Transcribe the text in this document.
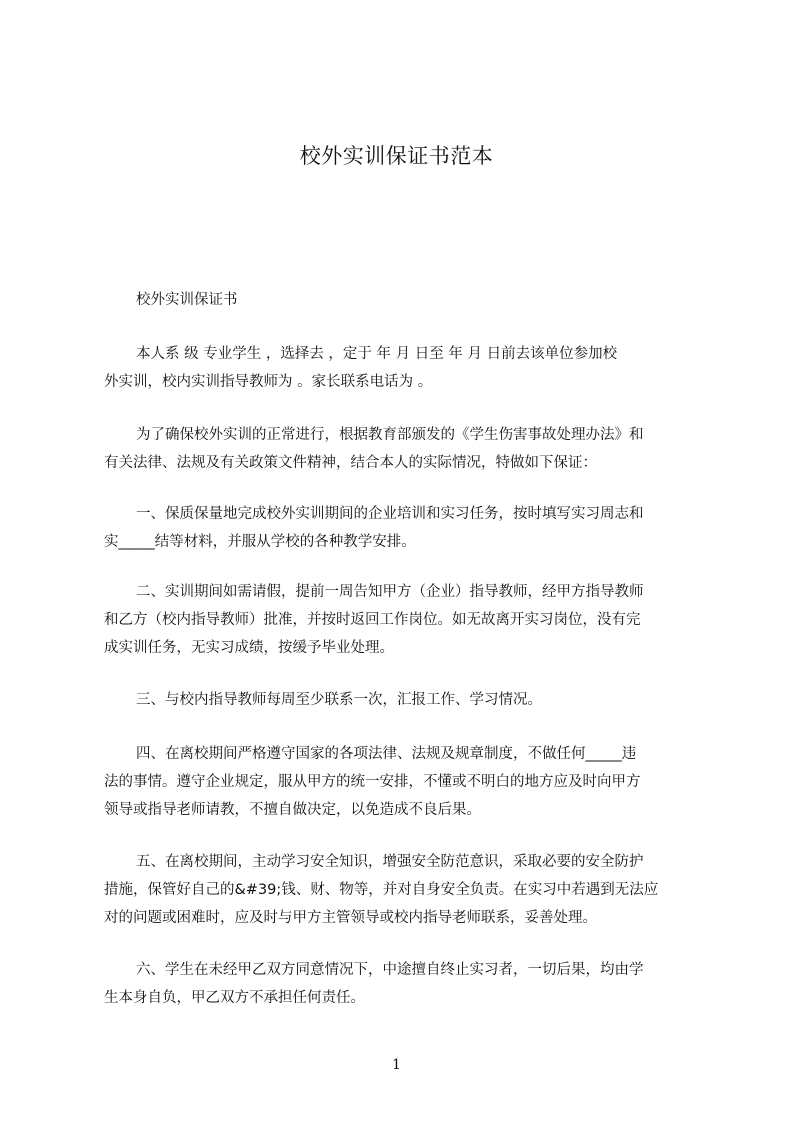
校外实训保证书范本

校外实训保证书

本人系 级 专业学生 ，选择去 ，定于 年 月 日至 年 月 日前去该单位参加校
外实训，校内实训指导教师为 。家长联系电话为 。

为了确保校外实训的正常进行，根据教育部颁发的《学生伤害事故处理办法》和
有关法律、法规及有关政策文件精神，结合本人的实际情况，特做如下保证：

一、保质保量地完成校外实训期间的企业培训和实习任务，按时填写实习周志和
实_____结等材料，并服从学校的各种教学安排。

二、实训期间如需请假，提前一周告知甲方（企业）指导教师，经甲方指导教师
和乙方（校内指导教师）批准，并按时返回工作岗位。如无故离开实习岗位，没有完
成实训任务，无实习成绩，按缓予毕业处理。

三、与校内指导教师每周至少联系一次，汇报工作、学习情况。

四、在离校期间严格遵守国家的各项法律、法规及规章制度，不做任何_____违
法的事情。遵守企业规定，服从甲方的统一安排，不懂或不明白的地方应及时向甲方
领导或指导老师请教，不擅自做决定，以免造成不良后果。

五、在离校期间，主动学习安全知识，增强安全防范意识，采取必要的安全防护
措施，保管好自己的&#39;钱、财、物等，并对自身安全负责。在实习中若遇到无法应
对的问题或困难时，应及时与甲方主管领导或校内指导老师联系，妥善处理。

六、学生在未经甲乙双方同意情况下，中途擅自终止实习者，一切后果，均由学
生本身自负，甲乙双方不承担任何责任。

1
